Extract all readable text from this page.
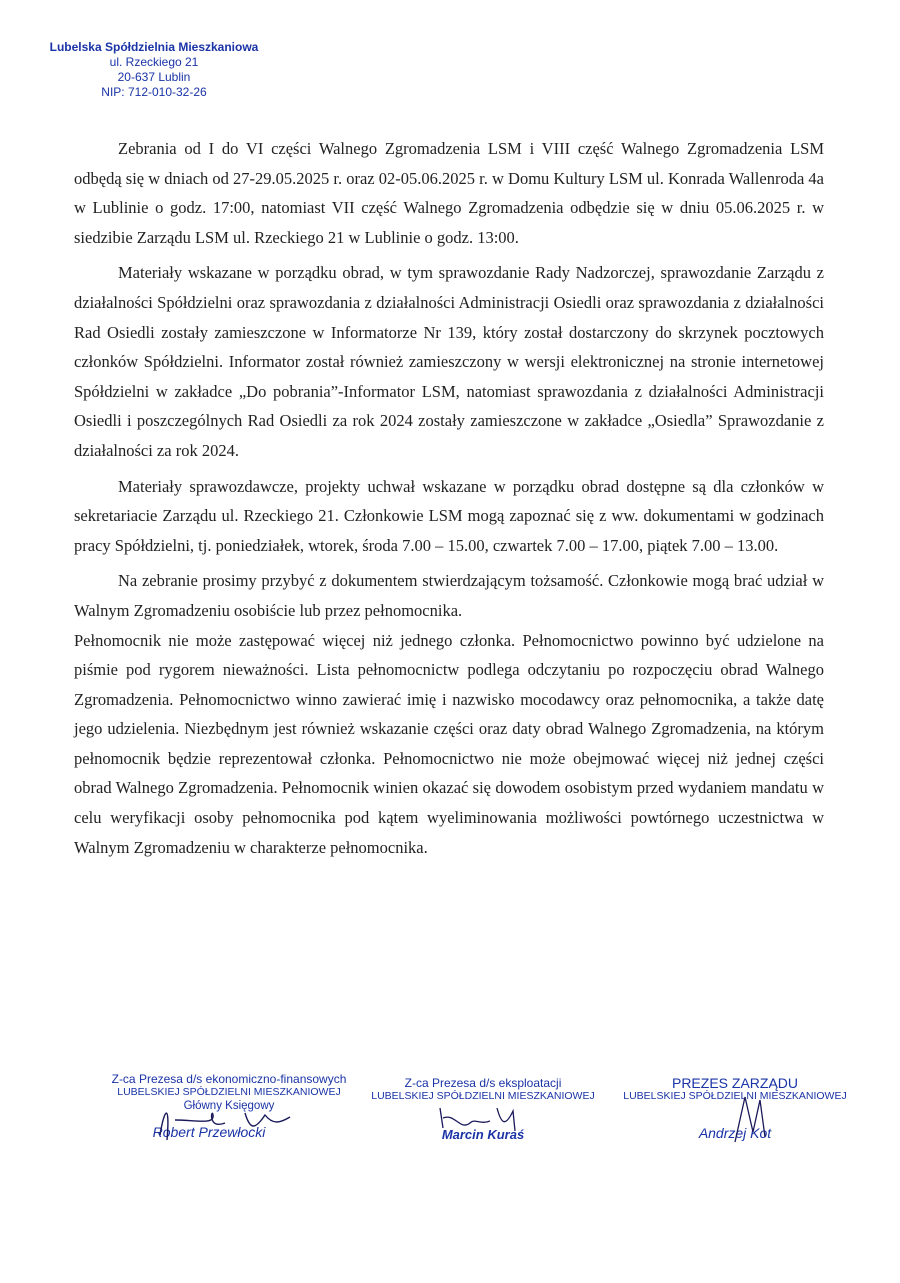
Lubelska Spółdzielnia Mieszkaniowa
ul. Rzeckiego 21
20-637 Lublin
NIP: 712-010-32-26

Zebrania od I do VI części Walnego Zgromadzenia LSM i VIII część Walnego Zgromadzenia LSM odbędą się w dniach od 27-29.05.2025 r. oraz 02-05.06.2025 r. w Domu Kultury LSM ul. Konrada Wallenroda 4a w Lublinie o godz. 17:00, natomiast VII część Walnego Zgromadzenia odbędzie się w dniu 05.06.2025 r. w siedzibie Zarządu LSM ul. Rzeckiego 21 w Lublinie o godz. 13:00.

Materiały wskazane w porządku obrad, w tym sprawozdanie Rady Nadzorczej, sprawozdanie Zarządu z działalności Spółdzielni oraz sprawozdania z działalności Administracji Osiedli oraz sprawozdania z działalności Rad Osiedli zostały zamieszczone w Informatorze Nr 139, który został dostarczony do skrzynek pocztowych członków Spółdzielni. Informator został również zamieszczony w wersji elektronicznej na stronie internetowej Spółdzielni w zakładce „Do pobrania”-Informator LSM, natomiast sprawozdania z działalności Administracji Osiedli i poszczególnych Rad Osiedli za rok 2024 zostały zamieszczone w zakładce „Osiedla” Sprawozdanie z działalności za rok 2024.

Materiały sprawozdawcze, projekty uchwał wskazane w porządku obrad dostępne są dla członków w sekretariacie Zarządu ul. Rzeckiego 21. Członkowie LSM mogą zapoznać się z ww. dokumentami w godzinach pracy Spółdzielni, tj. poniedziałek, wtorek, środa 7.00 – 15.00, czwartek 7.00 – 17.00, piątek 7.00 – 13.00.

Na zebranie prosimy przybyć z dokumentem stwierdzającym tożsamość. Członkowie mogą brać udział w Walnym Zgromadzeniu osobiście lub przez pełnomocnika.

Pełnomocnik nie może zastępować więcej niż jednego członka. Pełnomocnictwo powinno być udzielone na piśmie pod rygorem nieważności. Lista pełnomocnictw podlega odczytaniu po rozpoczęciu obrad Walnego Zgromadzenia. Pełnomocnictwo winno zawierać imię i nazwisko mocodawcy oraz pełnomocnika, a także datę jego udzielenia. Niezbędnym jest również wskazanie części oraz daty obrad Walnego Zgromadzenia, na którym pełnomocnik będzie reprezentował członka. Pełnomocnictwo nie może obejmować więcej niż jednej części obrad Walnego Zgromadzenia. Pełnomocnik winien okazać się dowodem osobistym przed wydaniem mandatu w celu weryfikacji osoby pełnomocnika pod kątem wyeliminowania możliwości powtórnego uczestnictwa w Walnym Zgromadzeniu w charakterze pełnomocnika.

Z-ca Prezesa d/s ekonomiczno-finansowych
LUBELSKIEJ SPÓŁDZIELNI MIESZKANIOWEJ
Główny Księgowy
Robert Przewłocki
Z-ca Prezesa d/s eksploatacji
LUBELSKIEJ SPÓŁDZIELNI MIESZKANIOWEJ
Marcin Kuraś
PREZES ZARZĄDU
LUBELSKIEJ SPÓŁDZIELNI MIESZKANIOWEJ
Andrzej Kot
